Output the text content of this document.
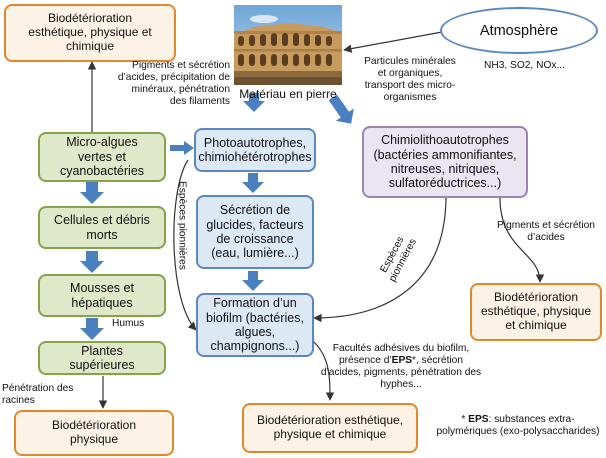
Matériau en pierre
Atmosphère
Biodétérioration
esthétique, physique et
chimique
Biodétérioration
physique
Biodétérioration
esthétique, physique
et chimique
Biodétérioration esthétique,
physique et chimique
Micro-algues
vertes et
cyanobactéries
Cellules et débris
morts
Mousses et
hépatiques
Plantes
supérieures
Photoautotrophes,
chimiohétérotrophes
Sécrétion de
glucides, facteurs
de croissance
(eau, lumière...)
Formation d’un
biofilm (bactéries,
algues,
champignons...)
Chimiolithoautotrophes
(bactéries ammonifiantes,
nitreuses, nitriques,
sulfatoréductrices...)
Pigments et sécrétion
d’acides, précipitation de
minéraux, pénétration
des filaments
Particules minérales
et organiques,
transport des micro-
organismes
NH3, SO2, NOx...
Pigments et sécrétion
d’acides
Humus
Pénétration des
racines
Espèces pionnières	Espèces
pionnières
Facultés adhésives du biofilm,
présence d’EPS*, sécrétion
d’acides, pigments, pénétration des
hyphes...
* EPS: substances extra-
polymériques (exo-polysaccharides)
